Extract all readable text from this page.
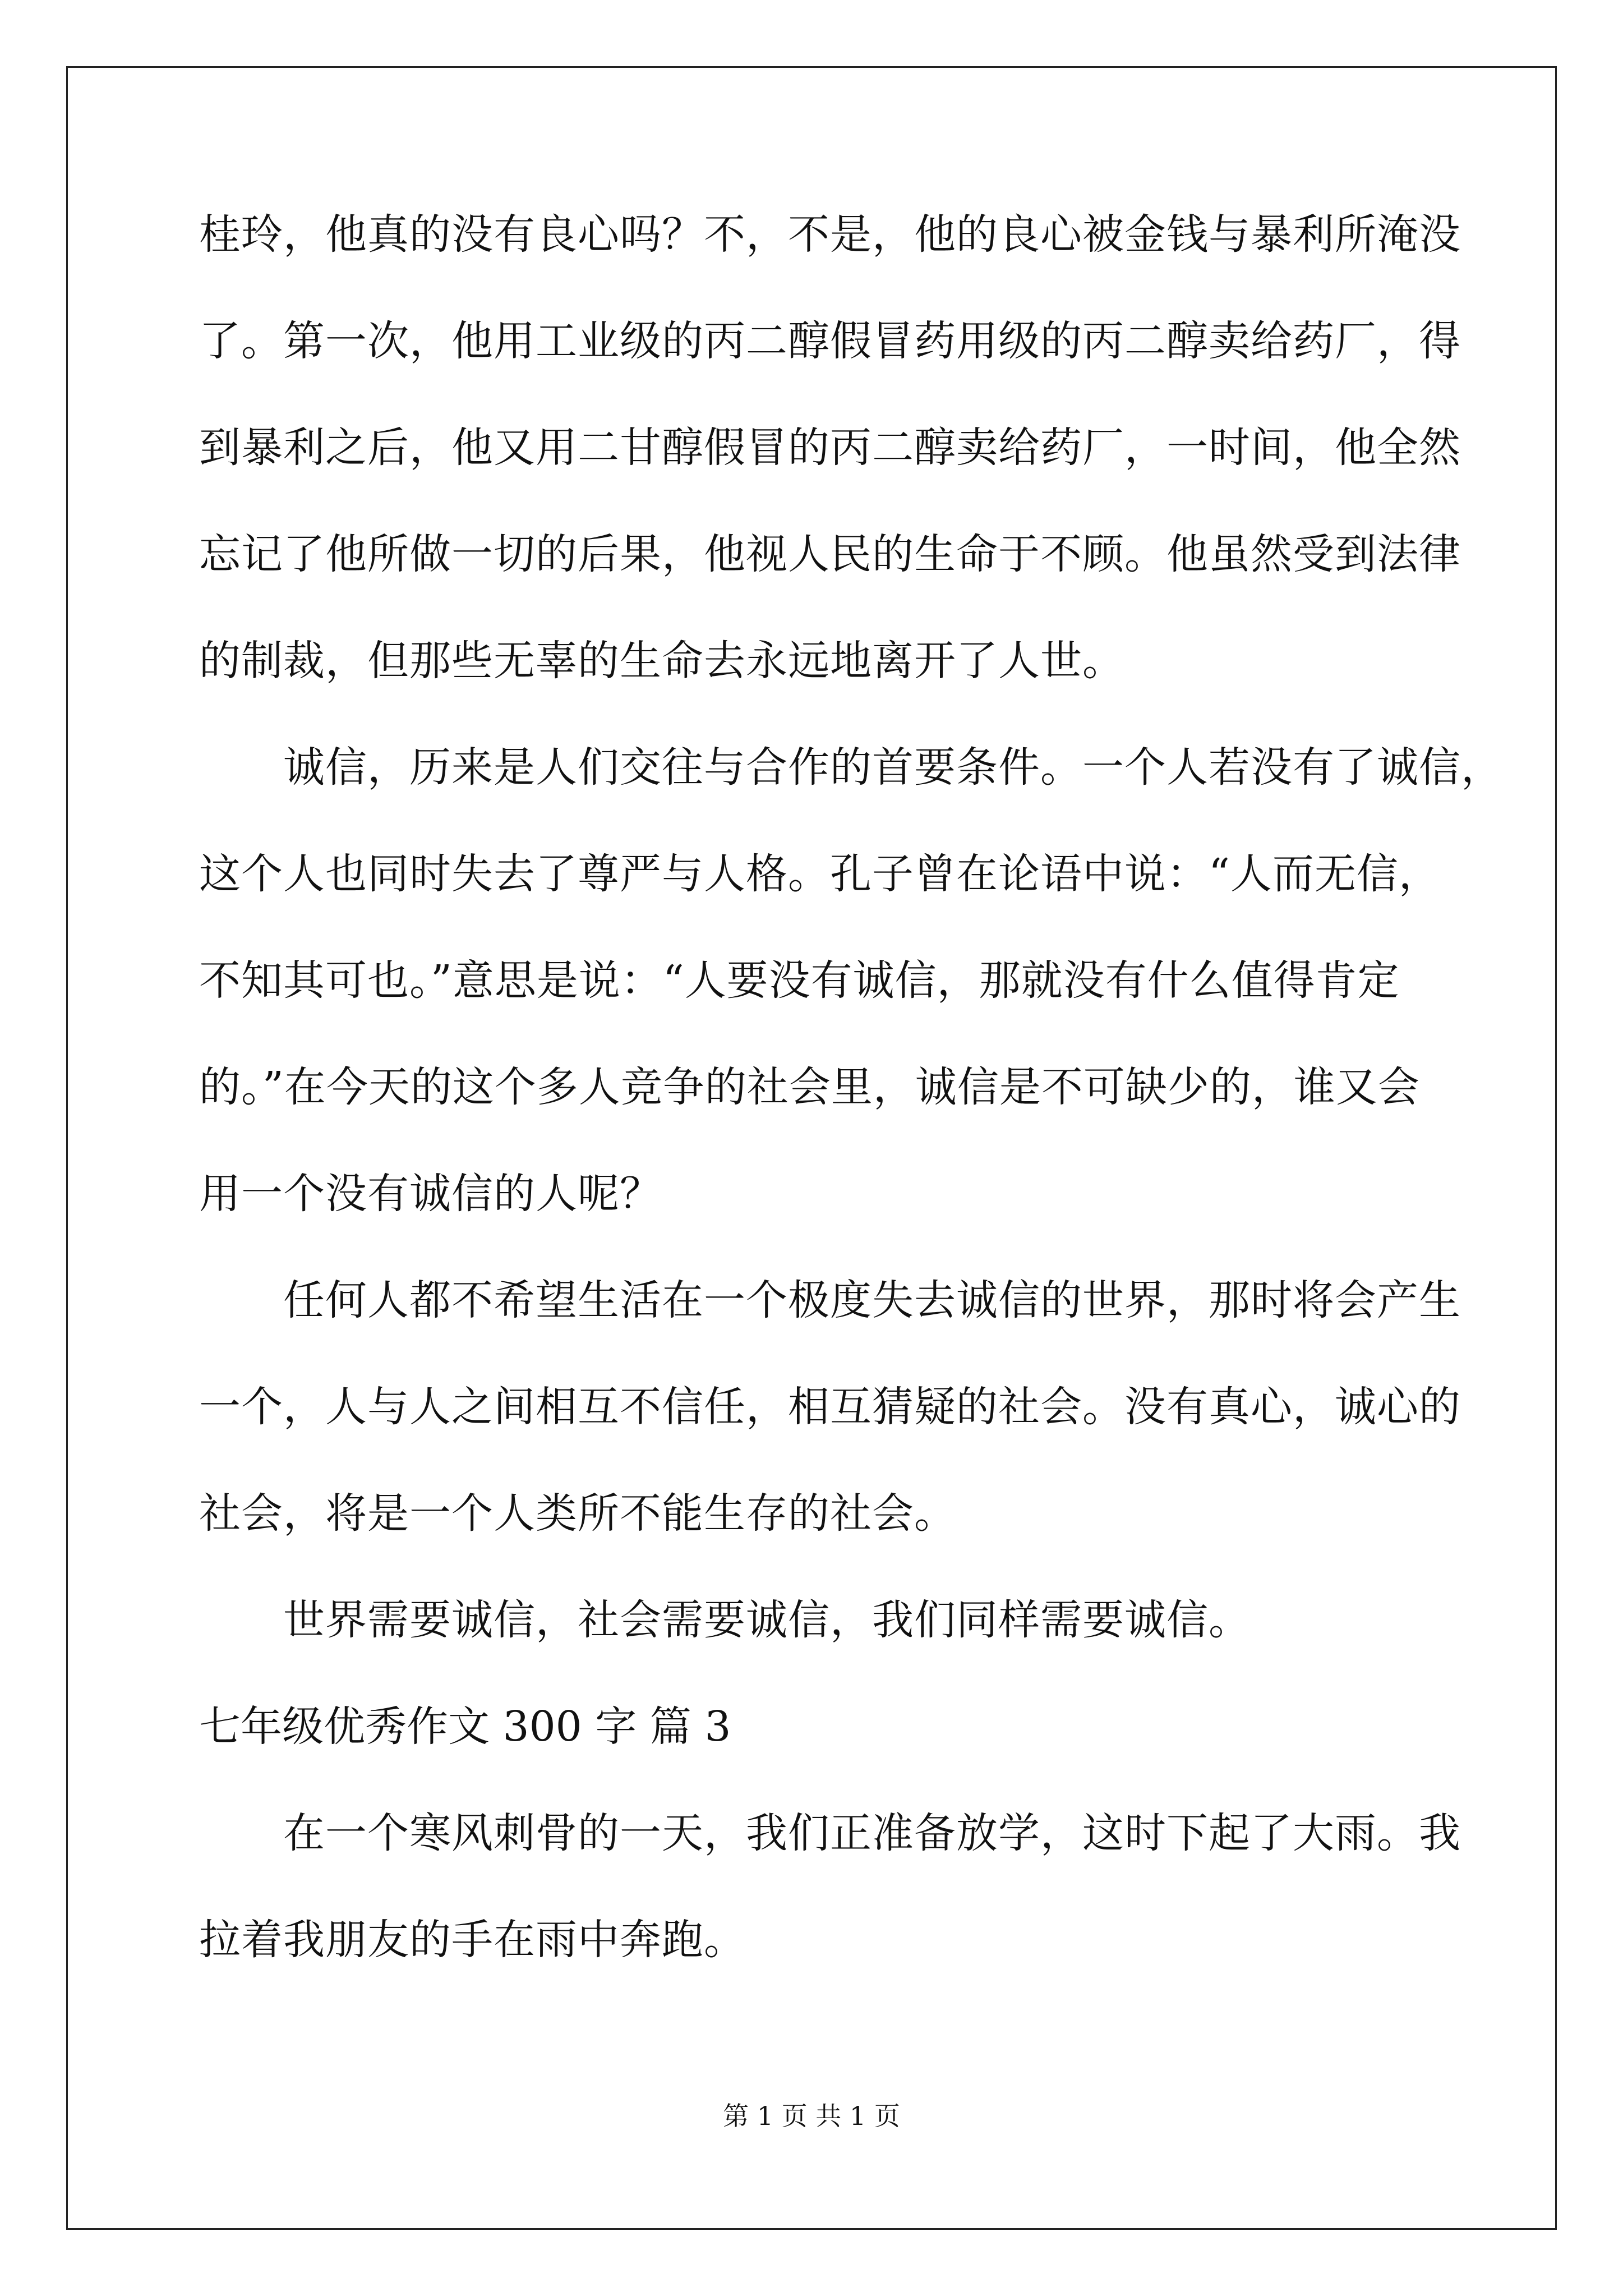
桂玲，他真的没有良心吗？不，不是，他的良心被金钱与暴利所淹没
了。第一次，他用工业级的丙二醇假冒药用级的丙二醇卖给药厂，得
到暴利之后，他又用二甘醇假冒的丙二醇卖给药厂，一时间，他全然
忘记了他所做一切的后果，他视人民的生命于不顾。他虽然受到法律
的制裁，但那些无辜的生命去永远地离开了人世。
诚信，历来是人们交往与合作的首要条件。一个人若没有了诚信，
这个人也同时失去了尊严与人格。孔子曾在论语中说：“人而无信，
不知其可也。”意思是说：“人要没有诚信，那就没有什么值得肯定
的。”在今天的这个多人竞争的社会里，诚信是不可缺少的，谁又会
用一个没有诚信的人呢？
任何人都不希望生活在一个极度失去诚信的世界，那时将会产生
一个，人与人之间相互不信任，相互猜疑的社会。没有真心，诚心的
社会，将是一个人类所不能生存的社会。
世界需要诚信，社会需要诚信，我们同样需要诚信。
七年级优秀作文 300 字 篇 3
在一个寒风刺骨的一天，我们正准备放学，这时下起了大雨。我
拉着我朋友的手在雨中奔跑。
第 1 页 共 1 页
